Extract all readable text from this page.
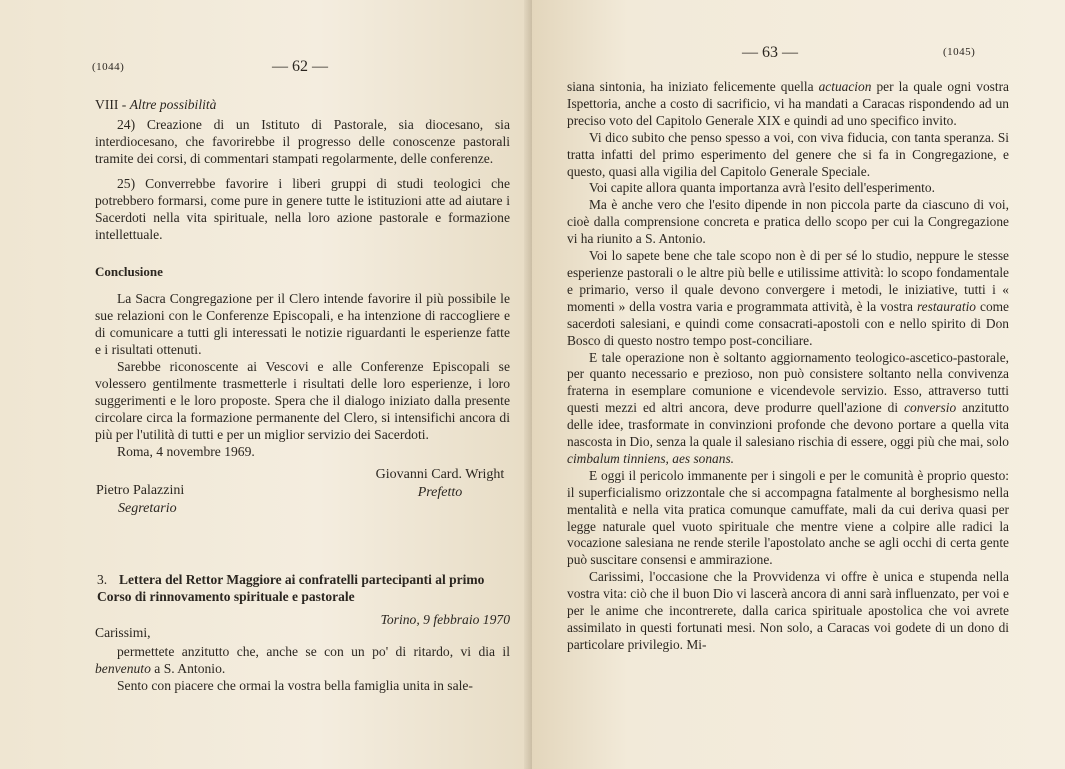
(1044)	— 62 —

VIII - Altre possibilità

24) Creazione di un Istituto di Pastorale, sia diocesano, sia interdiocesano, che favorirebbe il progresso delle conoscenze pastorali tramite dei corsi, di commentari stampati regolarmente, delle conferenze.

25) Converrebbe favorire i liberi gruppi di studi teologici che potrebbero formarsi, come pure in genere tutte le istituzioni atte ad aiutare i Sacerdoti nella vita spirituale, nella loro azione pastorale e formazione intellettuale.

Conclusione

La Sacra Congregazione per il Clero intende favorire il più possibile le sue relazioni con le Conferenze Episcopali, e ha intenzione di raccogliere e di comunicare a tutti gli interessati le notizie riguardanti le esperienze fatte e i risultati ottenuti.

Sarebbe riconoscente ai Vescovi e alle Conferenze Episcopali se volessero gentilmente trasmetterle i risultati delle loro esperienze, i loro suggerimenti e le loro proposte. Spera che il dialogo iniziato dalla presente circolare circa la formazione permanente del Clero, si intensifichi ancora di più per l'utilità di tutti e per un miglior servizio dei Sacerdoti.

Roma, 4 novembre 1969.

Giovanni Card. Wright
Prefetto
Pietro Palazzini
Segretario
3. Lettera del Rettor Maggiore ai confratelli partecipanti al primo Corso di rinnovamento spirituale e pastorale
Torino, 9 febbraio 1970
Carissimi,

permettete anzitutto che, anche se con un po' di ritardo, vi dia il benvenuto a S. Antonio.

Sento con piacere che ormai la vostra bella famiglia unita in sale-

— 63 —	(1045)

siana sintonia, ha iniziato felicemente quella actuacion per la quale ogni vostra Ispettoria, anche a costo di sacrificio, vi ha mandati a Caracas rispondendo ad un preciso voto del Capitolo Generale XIX e quindi ad uno specifico invito.

Vi dico subito che penso spesso a voi, con viva fiducia, con tanta speranza. Si tratta infatti del primo esperimento del genere che si fa in Congregazione, e questo, quasi alla vigilia del Capitolo Generale Speciale.

Voi capite allora quanta importanza avrà l'esito dell'esperimento.

Ma è anche vero che l'esito dipende in non piccola parte da ciascuno di voi, cioè dalla comprensione concreta e pratica dello scopo per cui la Congregazione vi ha riunito a S. Antonio.

Voi lo sapete bene che tale scopo non è di per sé lo studio, neppure le stesse esperienze pastorali o le altre più belle e utilissime attività: lo scopo fondamentale e primario, verso il quale devono convergere i metodi, le iniziative, tutti i « momenti » della vostra varia e programmata attività, è la vostra restauratio come sacerdoti salesiani, e quindi come consacrati-apostoli con e nello spirito di Don Bosco di questo nostro tempo post-conciliare.

E tale operazione non è soltanto aggiornamento teologico-ascetico-pastorale, per quanto necessario e prezioso, non può consistere soltanto nella convivenza fraterna in esemplare comunione e vicendevole servizio. Esso, attraverso tutti questi mezzi ed altri ancora, deve produrre quell'azione di conversio anzitutto delle idee, trasformate in convinzioni profonde che devono portare a quella vita nascosta in Dio, senza la quale il salesiano rischia di essere, oggi più che mai, solo cimbalum tinniens, aes sonans.

E oggi il pericolo immanente per i singoli e per le comunità è proprio questo: il superficialismo orizzontale che si accompagna fatalmente al borghesismo nella mentalità e nella vita pratica comunque camuffate, mali da cui deriva quasi per legge naturale quel vuoto spirituale che mentre viene a colpire alle radici la vocazione salesiana ne rende sterile l'apostolato anche se agli occhi di certa gente può suscitare consensi e ammirazione.

Carissimi, l'occasione che la Provvidenza vi offre è unica e stupenda nella vostra vita: ciò che il buon Dio vi lascerà ancora di anni sarà influenzato, per voi e per le anime che incontrerete, dalla carica spirituale apostolica che voi avrete assimilato in questi fortunati mesi. Non solo, a Caracas voi godete di un dono di particolare privilegio. Mi-
